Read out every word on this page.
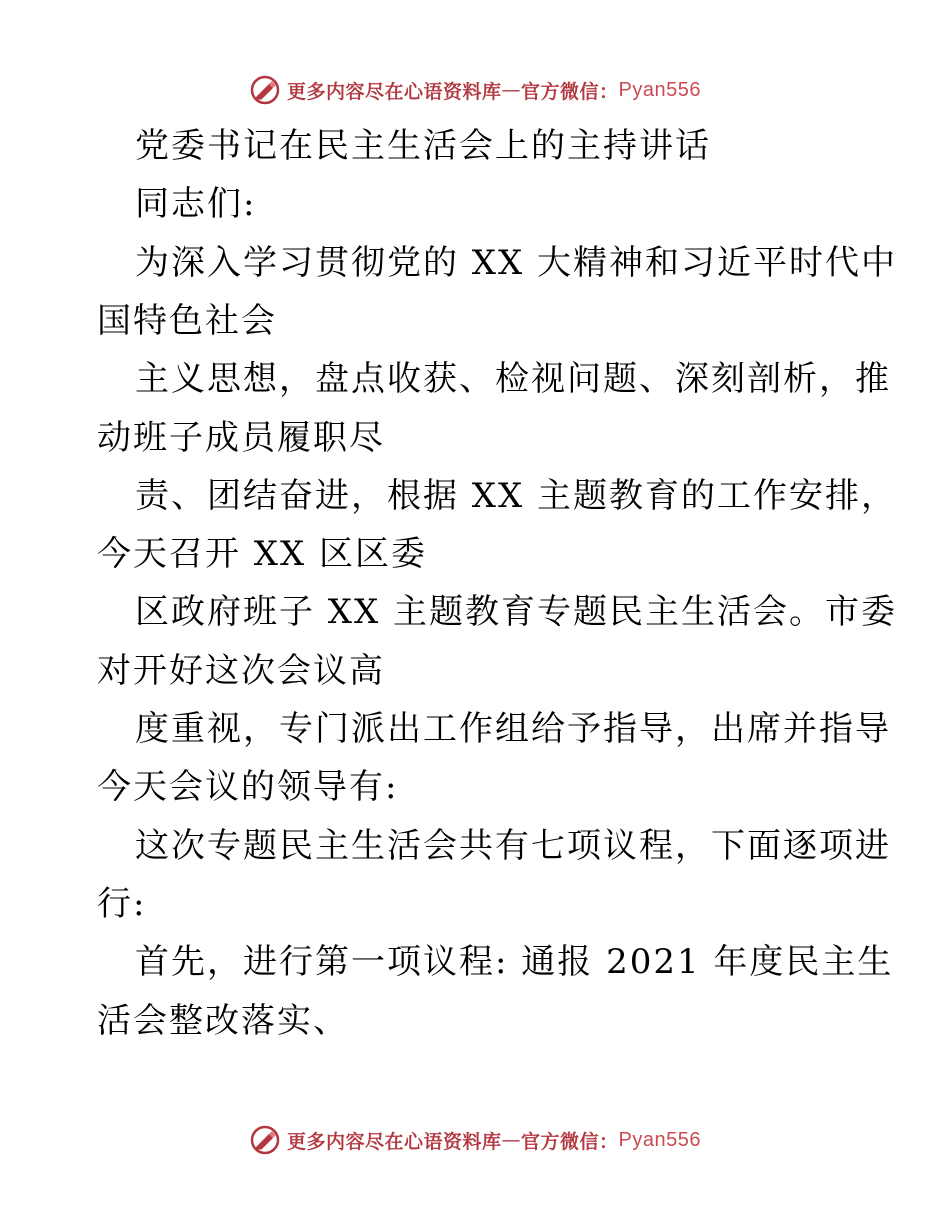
更多内容尽在心语资料库 — 官方微信： Pyan556
党委书记在民主生活会上的主持讲话
同志们:
为深入学习贯彻党的 XX 大精神和习近平时代中
国特色社会
主义思想，盘点收获、检视问题、深刻剖析，推
动班子成员履职尽
责、团结奋进，根据 XX 主题教育的工作安排，
今天召开 XX 区区委
区政府班子 XX 主题教育专题民主生活会。市委
对开好这次会议高
度重视，专门派出工作组给予指导，出席并指导
今天会议的领导有:
这次专题民主生活会共有七项议程，下面逐项进
行:
首先，进行第一项议程: 通报 2021 年度民主生
活会整改落实、
更多内容尽在心语资料库 — 官方微信： Pyan556
